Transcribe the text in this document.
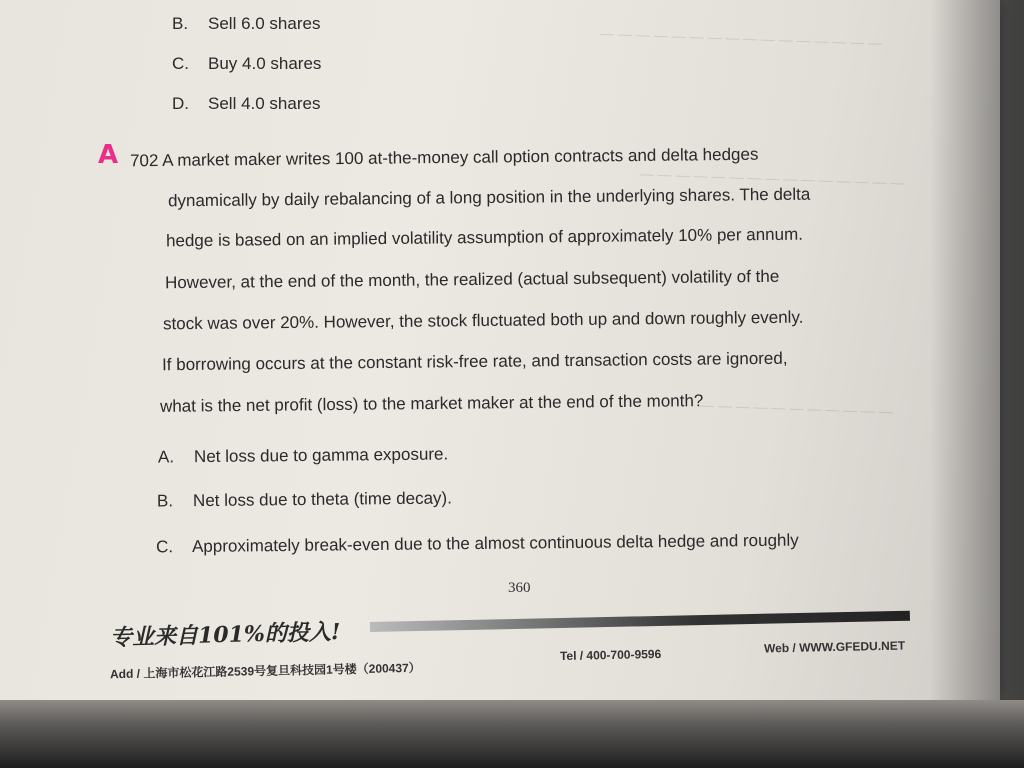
— — — — — — — — — — — — — — — —
— — — — — — — — — — — — — — —
— — — — — — — — — — —
B. Sell 6.0 shares
C. Buy 4.0 shares
D. Sell 4.0 shares
A 702 A market maker writes 100 at-the-money call option contracts and delta hedges
dynamically by daily rebalancing of a long position in the underlying shares. The delta
hedge is based on an implied volatility assumption of approximately 10% per annum.
However, at the end of the month, the realized (actual subsequent) volatility of the
stock was over 20%. However, the stock fluctuated both up and down roughly evenly.
If borrowing occurs at the constant risk-free rate, and transaction costs are ignored,
what is the net profit (loss) to the market maker at the end of the month?
A. Net loss due to gamma exposure.
B. Net loss due to theta (time decay).
C. Approximately break-even due to the almost continuous delta hedge and roughly
360
专业来自101%的投入!
Add / 上海市松花江路2539号复旦科技园1号楼（200437）
Tel / 400-700-9596	Web / WWW.GFEDU.NET
